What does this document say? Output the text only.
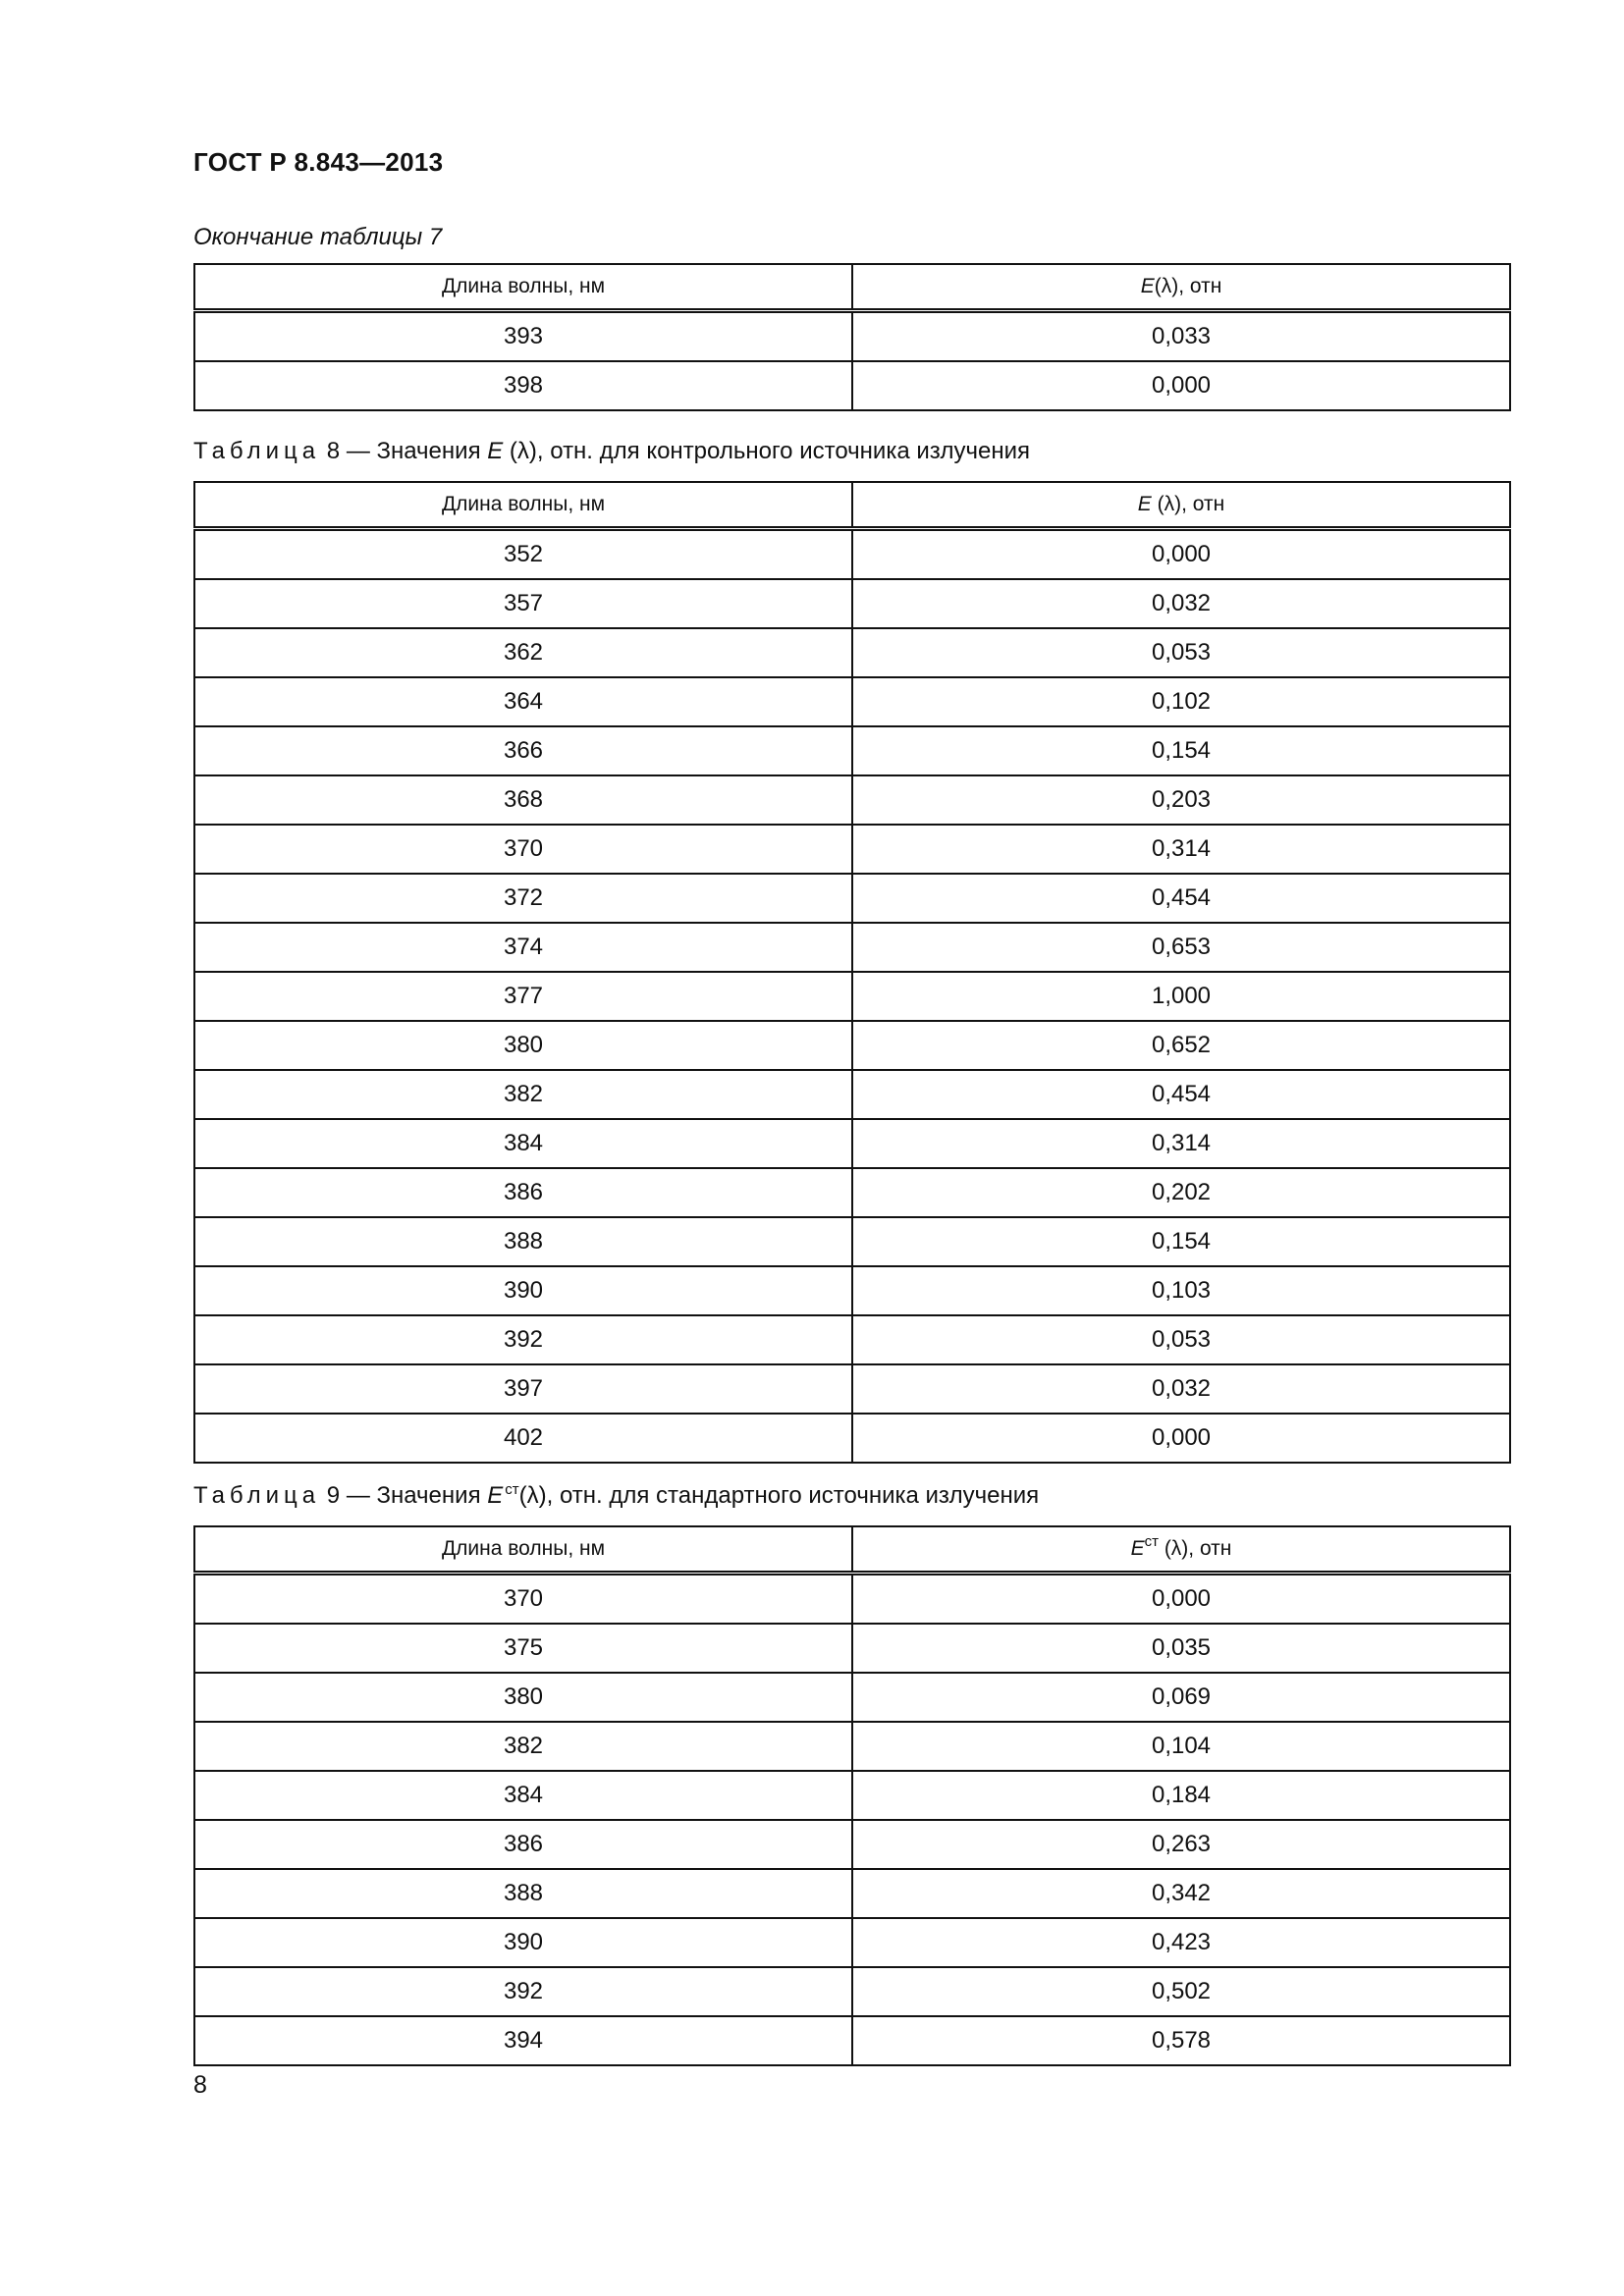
ГОСТ Р 8.843—2013
Окончание таблицы 7
Длина волны, нм	E(λ), отн
393	0,033
398	0,000
Таблица 8 — Значения E (λ), отн. для контрольного источника излучения
Длина волны, нм	E (λ), отн
352	0,000
357	0,032
362	0,053
364	0,102
366	0,154
368	0,203
370	0,314
372	0,454
374	0,653
377	1,000
380	0,652
382	0,454
384	0,314
386	0,202
388	0,154
390	0,103
392	0,053
397	0,032
402	0,000
Таблица 9 — Значения E  $^{ст}$(λ), отн. для стандартного источника излучения
Длина волны, нм	$E^{ст}$ (λ), отн
370	0,000
375	0,035
380	0,069
382	0,104
384	0,184
386	0,263
388	0,342
390	0,423
392	0,502
394	0,578
8
